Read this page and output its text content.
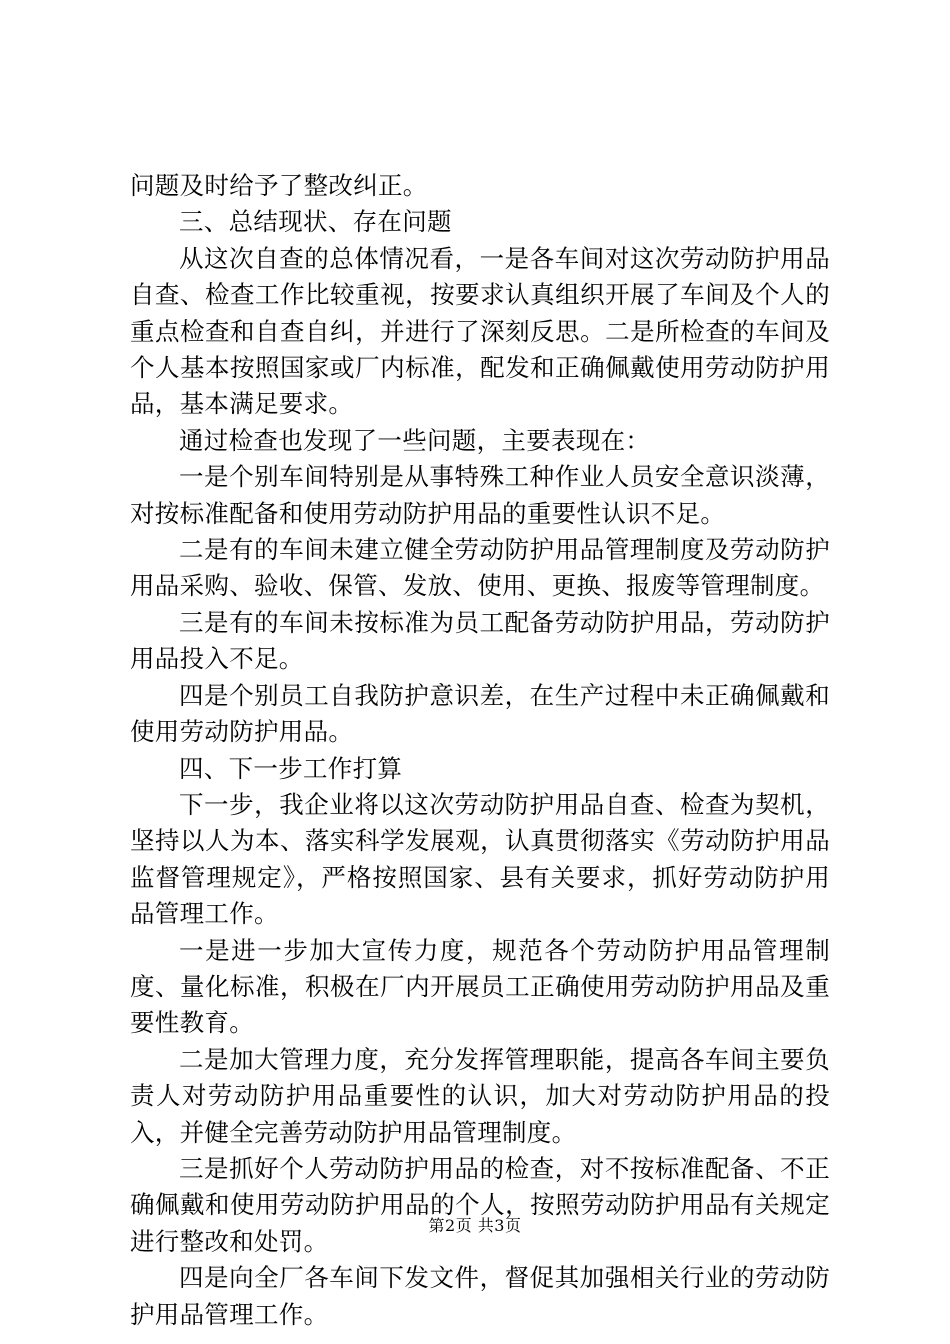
问题及时给予了整改纠正。

三、总结现状、存在问题

从这次自查的总体情况看，一是各车间对这次劳动防护用品自查、检查工作比较重视，按要求认真组织开展了车间及个人的重点检查和自查自纠，并进行了深刻反思。二是所检查的车间及个人基本按照国家或厂内标准，配发和正确佩戴使用劳动防护用品，基本满足要求。

通过检查也发现了一些问题，主要表现在：

一是个别车间特别是从事特殊工种作业人员安全意识淡薄，对按标准配备和使用劳动防护用品的重要性认识不足。

二是有的车间未建立健全劳动防护用品管理制度及劳动防护用品采购、验收、保管、发放、使用、更换、报废等管理制度。

三是有的车间未按标准为员工配备劳动防护用品，劳动防护用品投入不足。

四是个别员工自我防护意识差，在生产过程中未正确佩戴和使用劳动防护用品。

四、下一步工作打算

下一步，我企业将以这次劳动防护用品自查、检查为契机，坚持以人为本、落实科学发展观，认真贯彻落实《劳动防护用品监督管理规定》，严格按照国家、县有关要求，抓好劳动防护用品管理工作。

一是进一步加大宣传力度，规范各个劳动防护用品管理制度、量化标准，积极在厂内开展员工正确使用劳动防护用品及重要性教育。

二是加大管理力度，充分发挥管理职能，提高各车间主要负责人对劳动防护用品重要性的认识，加大对劳动防护用品的投入，并健全完善劳动防护用品管理制度。

三是抓好个人劳动防护用品的检查，对不按标准配备、不正确佩戴和使用劳动防护用品的个人，按照劳动防护用品有关规定进行整改和处罚。

四是向全厂各车间下发文件，督促其加强相关行业的劳动防护用品管理工作。

第2页 共3页
